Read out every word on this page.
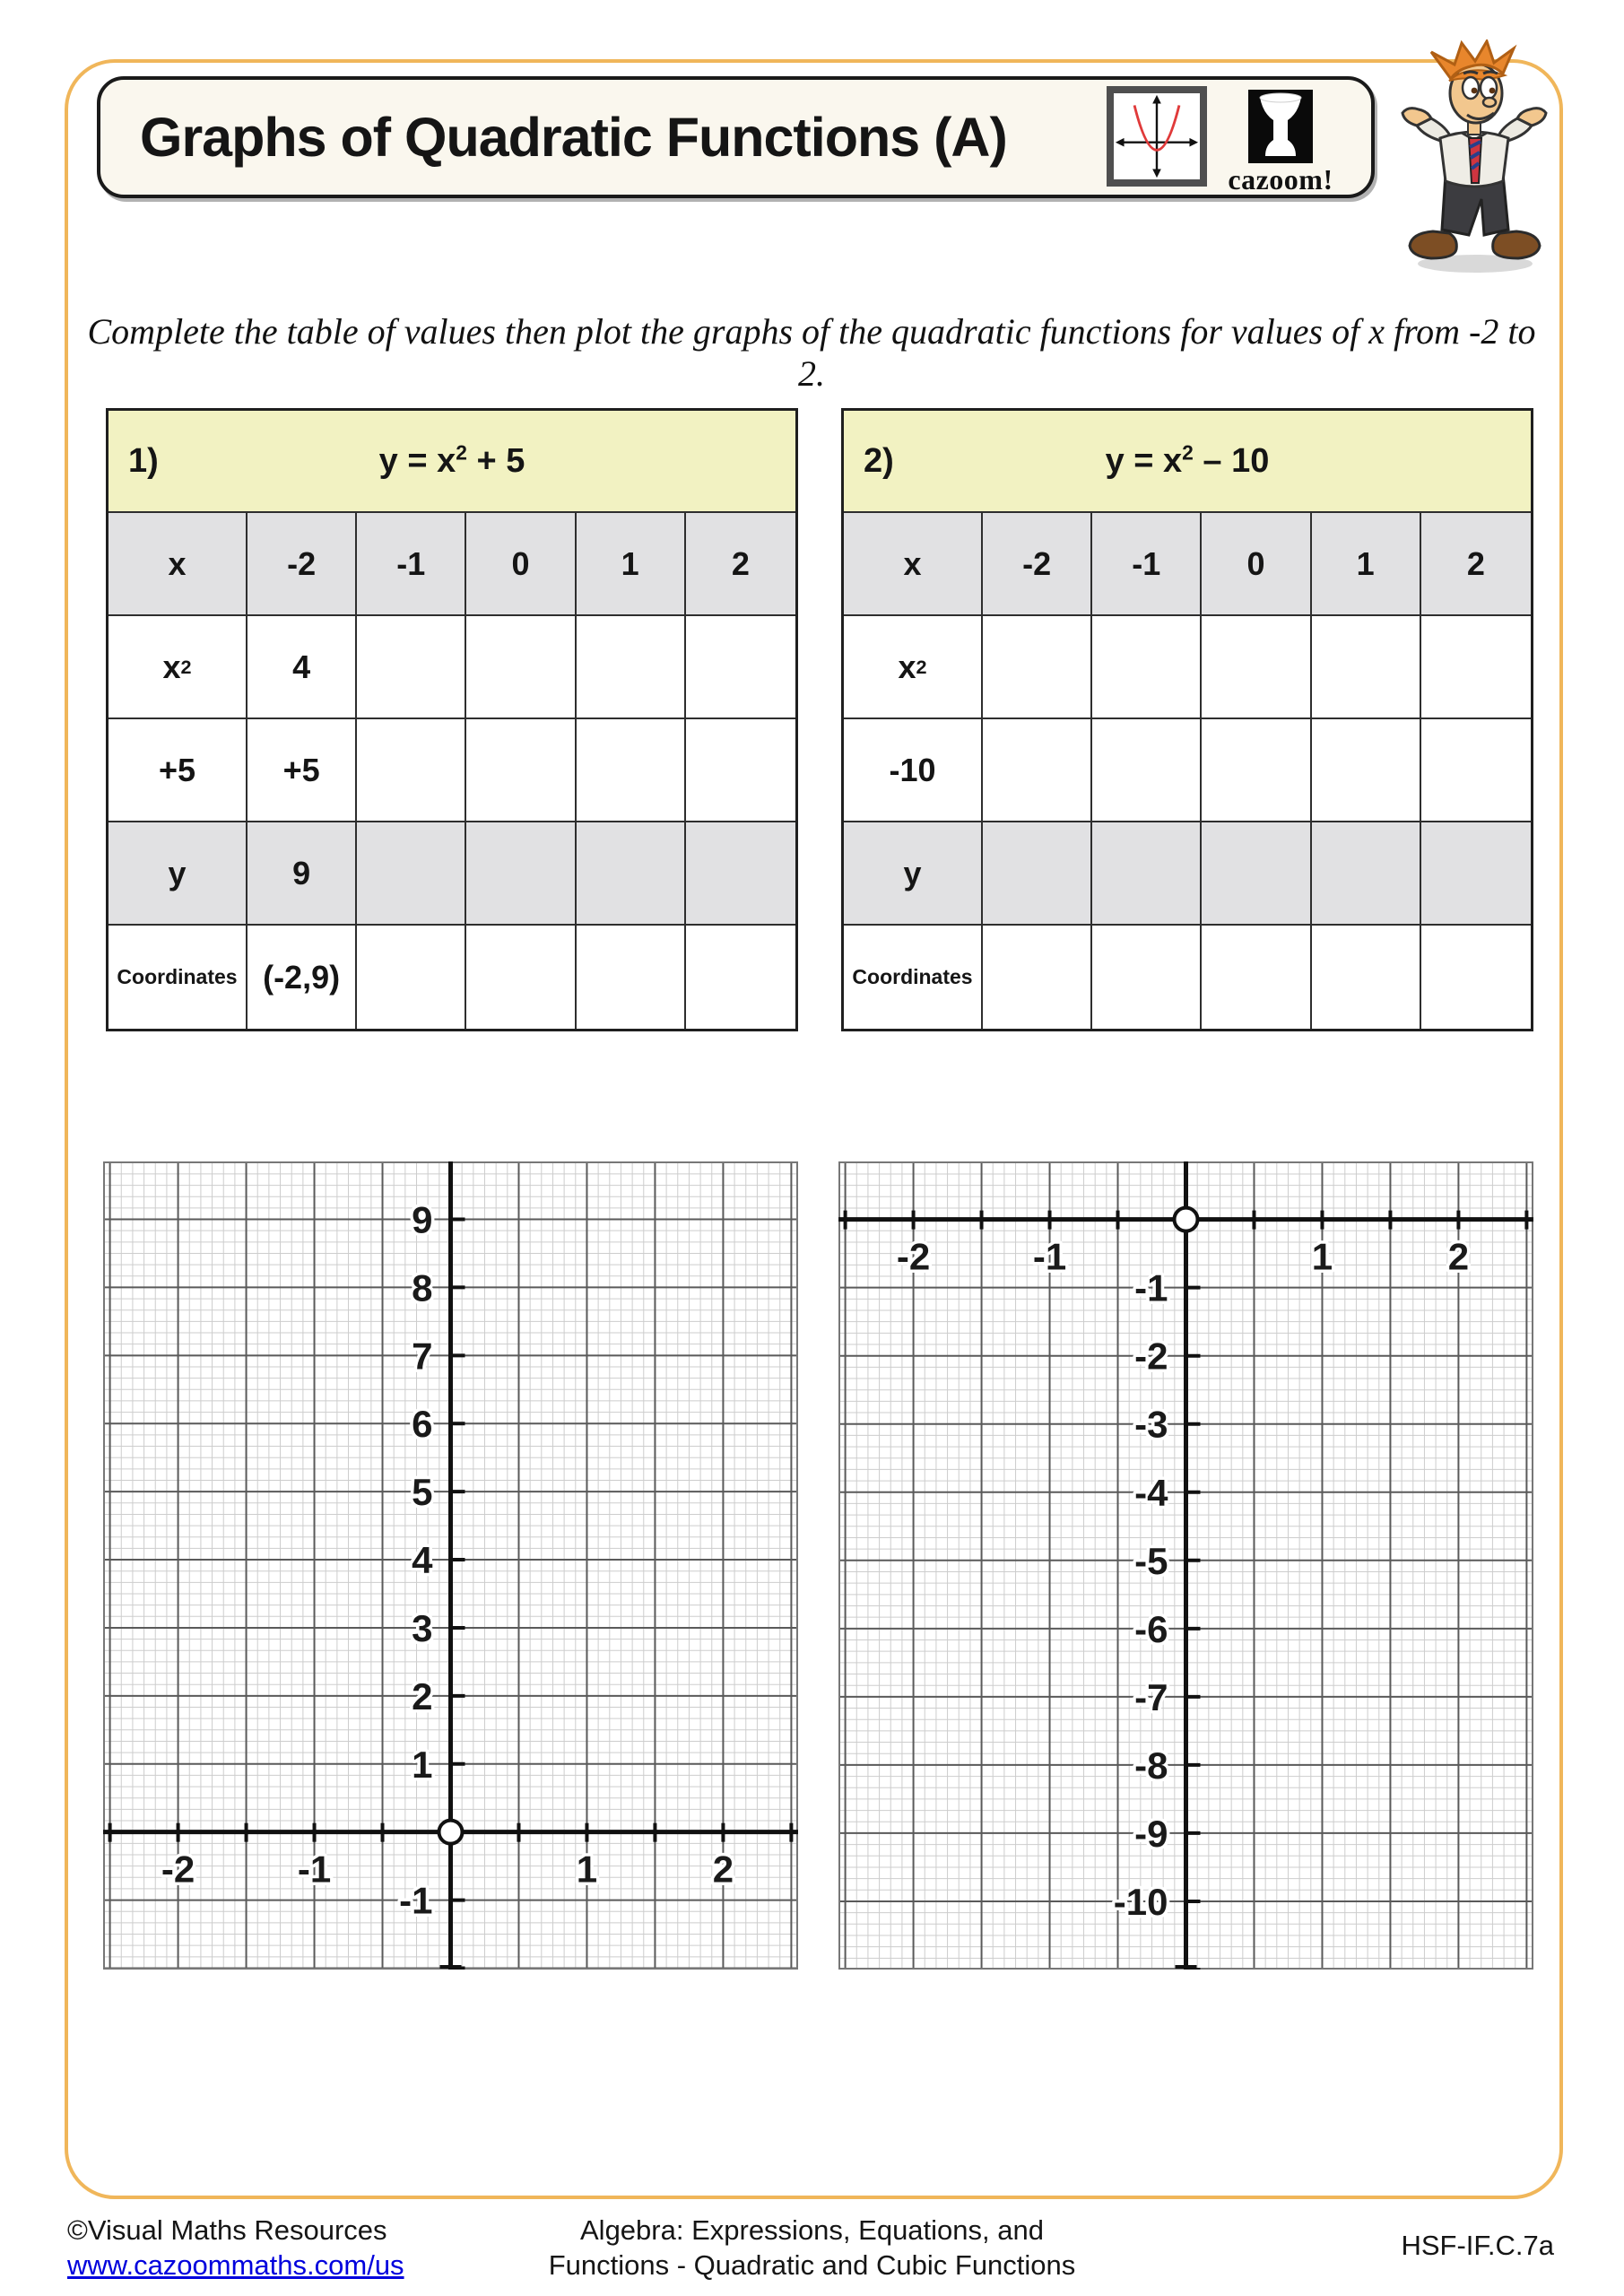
Graphs of Quadratic Functions (A)
cazoom!
Complete the table of values then plot the graphs of the quadratic functions for values of x from -2 to 2.
1)	$y = x^2 + 5$
x	-2	-1	0	1	2
x 2	4
+5	+5
y	9
Coordinates (-2,9)
2)	$y = x^2 - 10$
x	-2	-1	0	1	2
x 2
-10
y
Coordinates
-2	-1	1	2
9
8
7
6
5
4
3
2
1
-1
-2	-1	1	2
-1
-2
-3
-4
-5
-6
-7
-8
-9
-10
©Visual Maths Resources
www.cazoommaths.com/us
Algebra: Expressions, Equations, and
Functions - Quadratic and Cubic Functions
HSF-IF.C.7a
